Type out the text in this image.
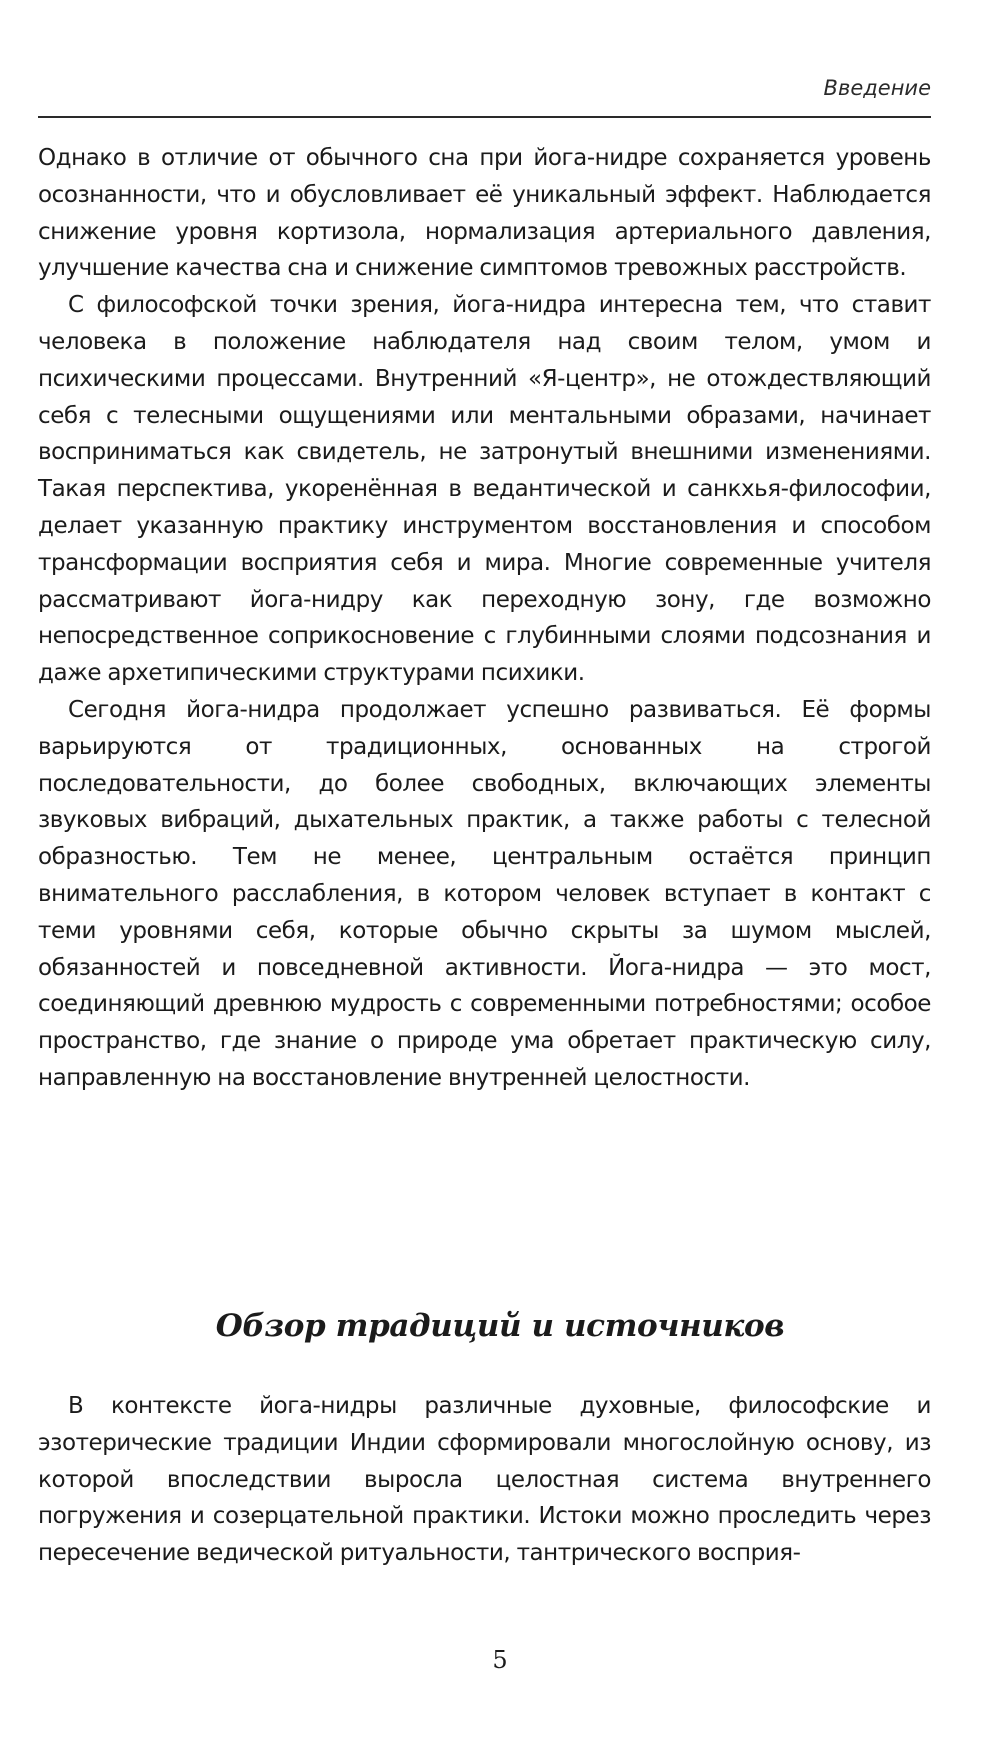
Введение

Однако в отличие от обычного сна при йога-нидре сохраняется уровень осознанности, что и обусловливает её уникальный эффект. Наблюдается снижение уровня кортизола, нормализация артериального давления, улучшение качества сна и снижение симптомов тревожных расстройств.

С философской точки зрения, йога-нидра интересна тем, что ставит человека в положение наблюдателя над своим телом, умом и психическими процессами. Внутренний «Я-центр», не отождествляющий себя с телесными ощущениями или ментальными образами, начинает восприниматься как свидетель, не затронутый внешними изменениями. Такая перспектива, укоренённая в ведантической и санкхья-философии, делает указанную практику инструментом восстановления и способом трансформации восприятия себя и мира. Многие современные учителя рассматривают йога-нидру как переходную зону, где возможно непосредственное соприкосновение с глубинными слоями подсознания и даже архетипическими структурами психики.

Сегодня йога-нидра продолжает успешно развиваться. Её формы варьируются от традиционных, основанных на строгой последовательности, до более свободных, включающих элементы звуковых вибраций, дыхательных практик, а также работы с телесной образностью. Тем не менее, центральным остаётся принцип внимательного расслабления, в котором человек вступает в контакт с теми уровнями себя, которые обычно скрыты за шумом мыслей, обязанностей и повседневной активности. Йога-нидра — это мост, соединяющий древнюю мудрость с современными потребностями; особое пространство, где знание о природе ума обретает практическую силу, направленную на восстановление внутренней целостности.

Обзор традиций и источников

В контексте йога-нидры различные духовные, философские и эзотерические традиции Индии сформировали многослойную основу, из которой впоследствии выросла целостная система внутреннего погружения и созерцательной практики. Истоки можно проследить через пересечение ведической ритуальности, тантрического восприя-

5
